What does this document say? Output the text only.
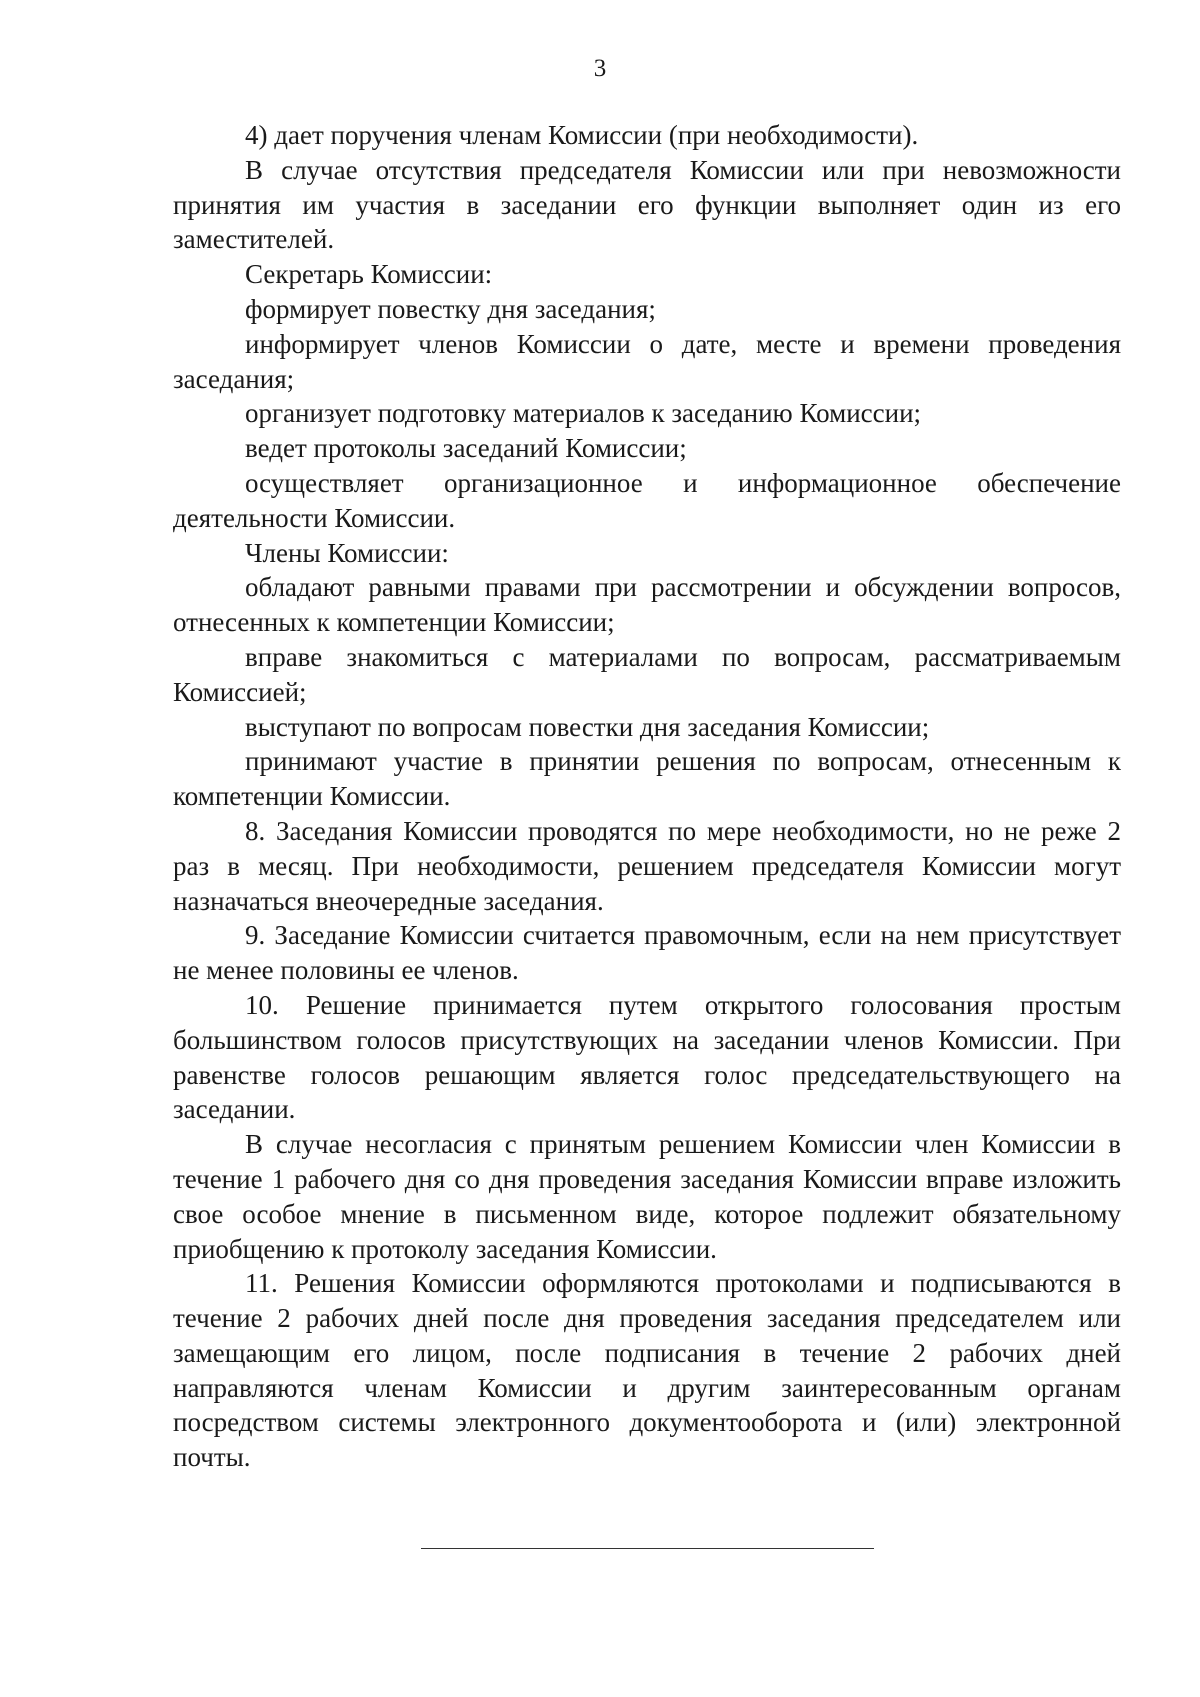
3

4) дает поручения членам Комиссии (при необходимости).

В случае отсутствия председателя Комиссии или при невозможности принятия им участия в заседании его функции выполняет один из его заместителей.

Секретарь Комиссии:

формирует повестку дня заседания;

информирует членов Комиссии о дате, месте и времени проведения заседания;

организует подготовку материалов к заседанию Комиссии;

ведет протоколы заседаний Комиссии;

осуществляет организационное и информационное обеспечение деятельности Комиссии.

Члены Комиссии:

обладают равными правами при рассмотрении и обсуждении вопросов, отнесенных к компетенции Комиссии;

вправе знакомиться с материалами по вопросам, рассматриваемым Комиссией;

выступают по вопросам повестки дня заседания Комиссии;

принимают участие в принятии решения по вопросам, отнесенным к компетенции Комиссии.

8. Заседания Комиссии проводятся по мере необходимости, но не реже 2 раз в месяц. При необходимости, решением председателя Комиссии могут назначаться внеочередные заседания.

9. Заседание Комиссии считается правомочным, если на нем присутствует не менее половины ее членов.

10. Решение принимается путем открытого голосования простым большинством голосов присутствующих на заседании членов Комиссии. При равенстве голосов решающим является голос председательствующего на заседании.

В случае несогласия с принятым решением Комиссии член Комиссии в течение 1 рабочего дня со дня проведения заседания Комиссии вправе изложить свое особое мнение в письменном виде, которое подлежит обязательному приобщению к протоколу заседания Комиссии.

11. Решения Комиссии оформляются протоколами и подписываются в течение 2 рабочих дней после дня проведения заседания председателем или замещающим его лицом, после подписания в течение 2 рабочих дней направляются членам Комиссии и другим заинтересованным органам посредством системы электронного документооборота и (или) электронной почты.
